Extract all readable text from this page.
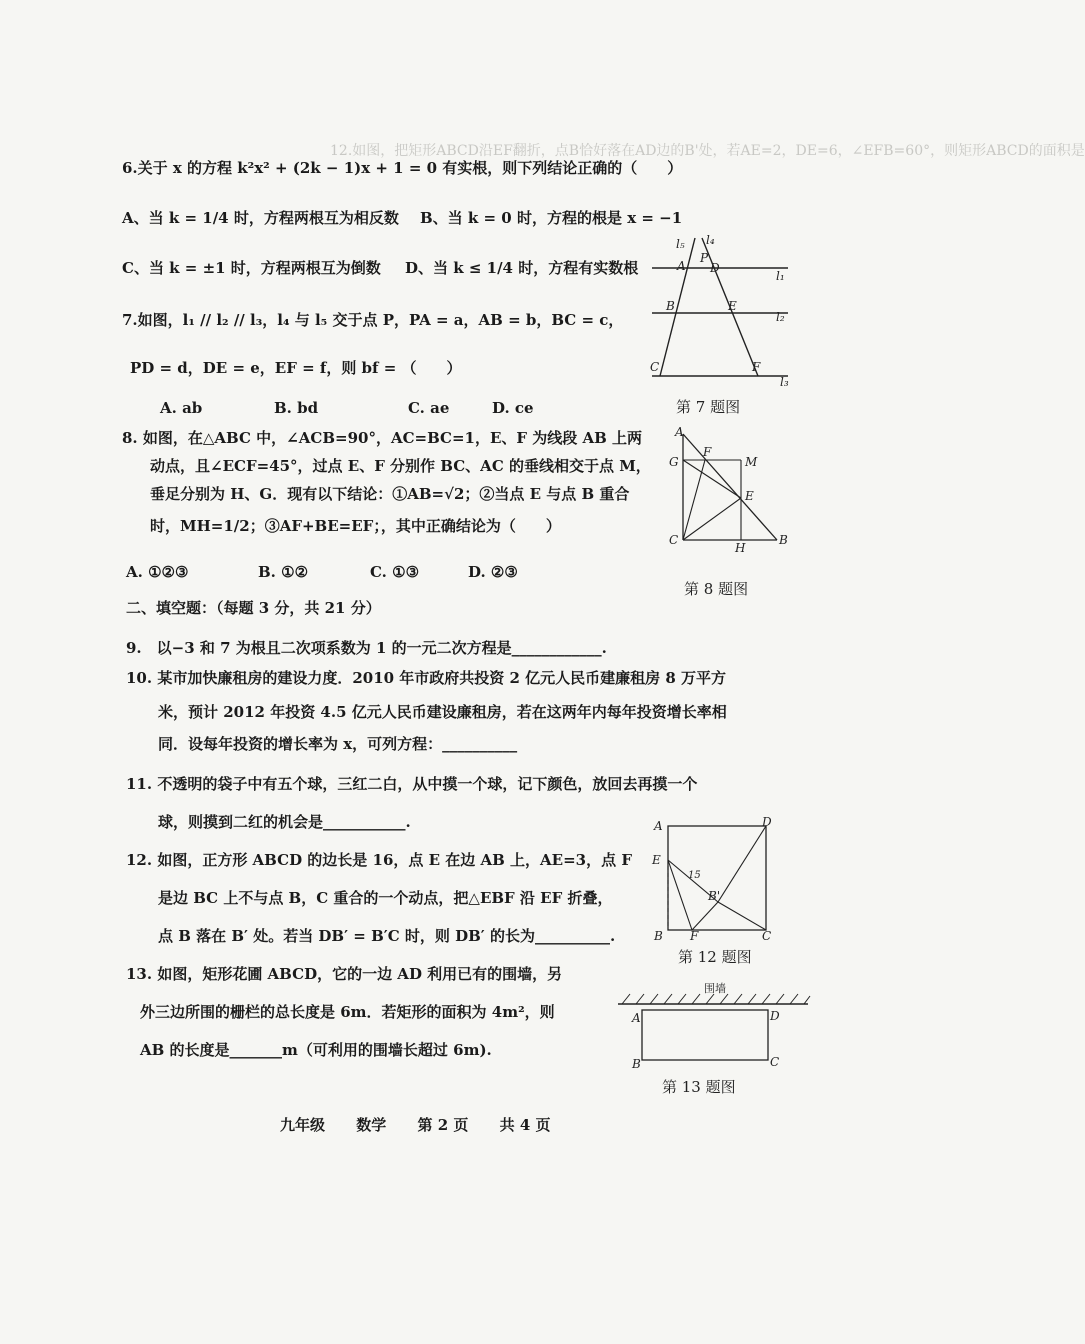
12.如图，把矩形ABCD沿EF翻折，点B恰好落在AD边的B'处，若AE=2，DE=6，∠EFB=60°，则矩形ABCD的面积是
6.关于 x 的方程 k²x² + (2k − 1)x + 1 = 0 有实根，则下列结论正确的（　　）
A、当 k = 1/4 时，方程两根互为相反数 B、当 k = 0 时，方程的根是 x = −1
C、当 k = ±1 时，方程两根互为倒数 D、当 k ≤ 1/4 时，方程有实数根
7.如图，l₁ // l₂ // l₃，l₄ 与 l₅ 交于点 P，PA = a，AB = b，BC = c，
PD = d，DE = e，EF = f，则 bf = （　　）
A. ab	B. bd	C. ae	D. ce
l₅ l₄
P
A D
l₁
B	E
l₂
C	F
l₃
第 7 题图
8. 如图，在△ABC 中，∠ACB=90°，AC=BC=1，E、F 为线段 AB 上两
动点，且∠ECF=45°，过点 E、F 分别作 BC、AC 的垂线相交于点 M，
垂足分别为 H、G．现有以下结论：①AB=√2；②当点 E 与点 B 重合
时，MH=1/2；③AF+BE=EF；，其中正确结论为（　　）
A. ①②③	B. ①②	C. ①③	D. ②③
A
G
F
M
E
C
H
B
第 8 题图
二、填空题：（每题 3 分，共 21 分）
9.　以−3 和 7 为根且二次项系数为 1 的一元二次方程是____________.
10. 某市加快廉租房的建设力度．2010 年市政府共投资 2 亿元人民币建廉租房 8 万平方
米，预计 2012 年投资 4.5 亿元人民币建设廉租房，若在这两年内每年投资增长率相
同．设每年投资的增长率为 x，可列方程：__________
11. 不透明的袋子中有五个球，三红二白，从中摸一个球，记下颜色，放回去再摸一个
球，则摸到二红的机会是___________.
12. 如图，正方形 ABCD 的边长是 16，点 E 在边 AB 上，AE=3，点 F
是边 BC 上不与点 B，C 重合的一个动点，把△EBF 沿 EF 折叠，
点 B 落在 B′ 处。若当 DB′ = B′C 时，则 DB′ 的长为__________.
A	D
E
15
B'
B F	C
第 12 题图
13. 如图，矩形花圃 ABCD，它的一边 AD 利用已有的围墙，另
外三边所围的栅栏的总长度是 6m．若矩形的面积为 4m²，则
AB 的长度是_______m（可利用的围墙长超过 6m).
围墙
A	D
B	C
第 13 题图
九年级 数学 第 2 页 共 4 页
